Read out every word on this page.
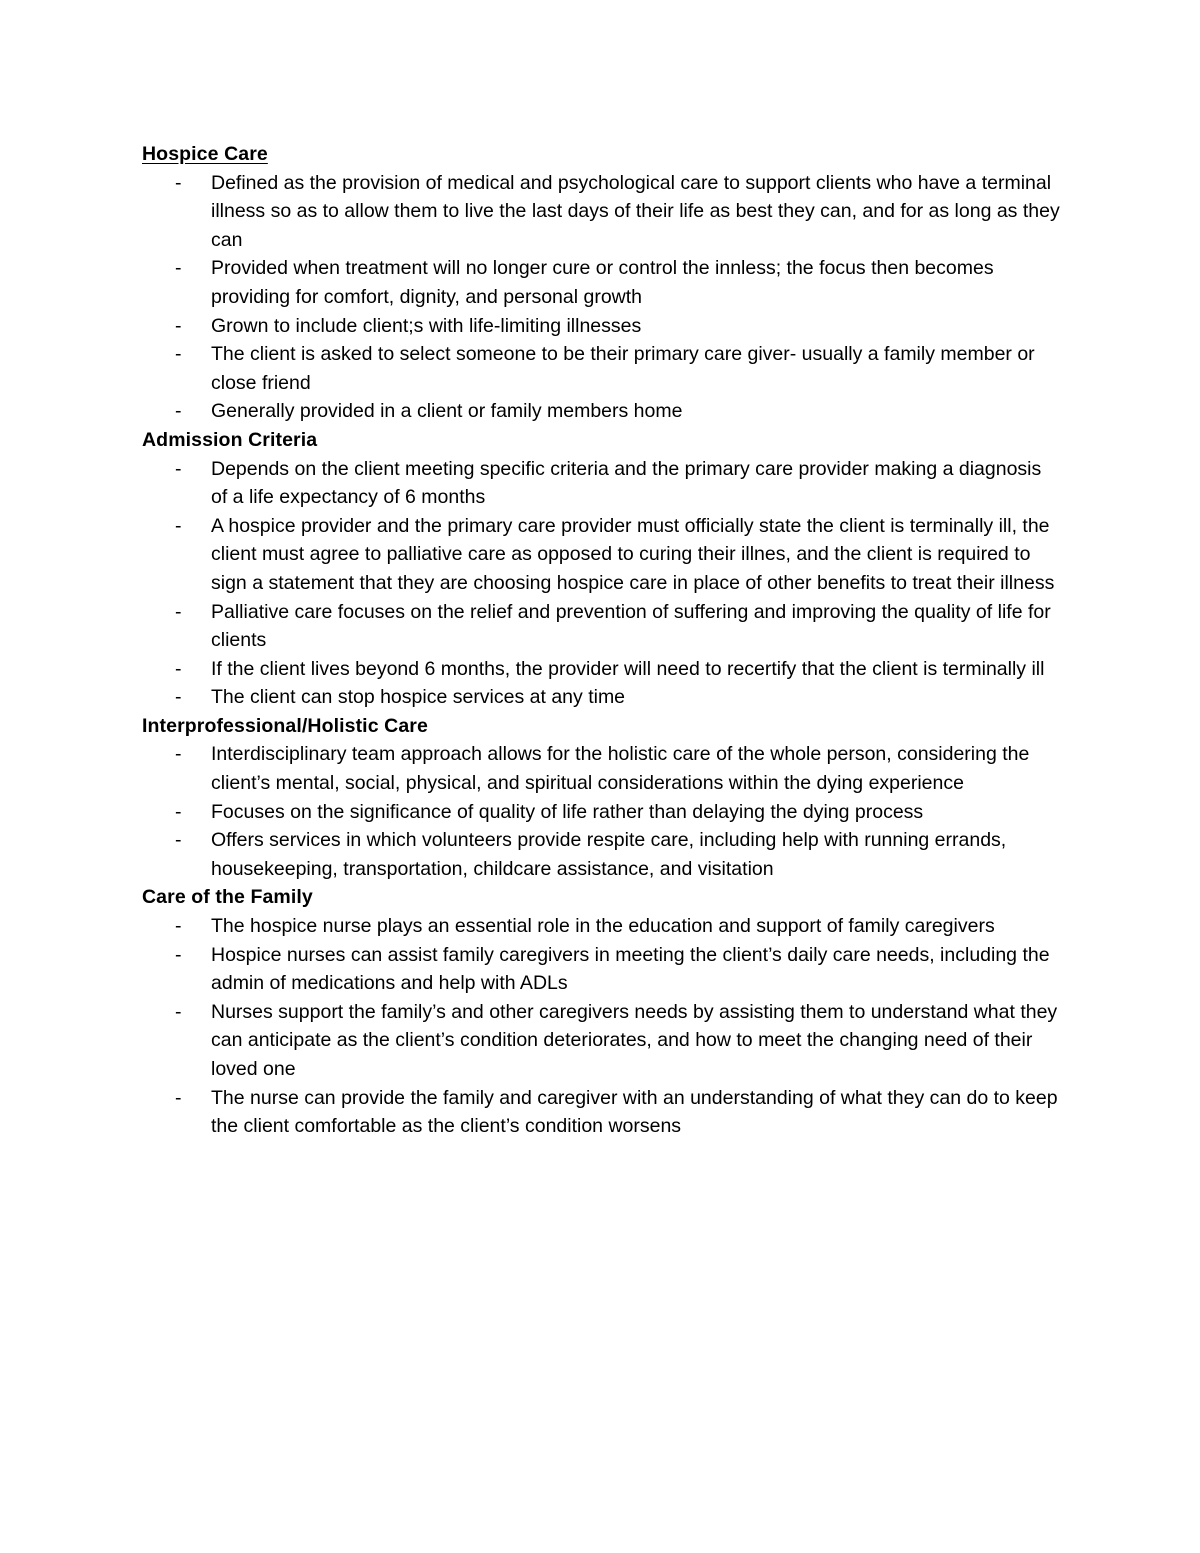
Hospice Care
- Defined as the provision of medical and psychological care to support clients who have a terminal illness so as to allow them to live the last days of their life as best they can, and for as long as they can
- Provided when treatment will no longer cure or control the innless; the focus then becomes providing for comfort, dignity, and personal growth
- Grown to include client;s with life-limiting illnesses
- The client is asked to select someone to be their primary care giver- usually a family member or close friend
- Generally provided in a client or family members home
Admission Criteria
- Depends on the client meeting specific criteria and the primary care provider making a diagnosis of a life expectancy of 6 months
- A hospice provider and the primary care provider must officially state the client is terminally ill, the client must agree to palliative care as opposed to curing their illnes, and the client is required to sign a statement that they are choosing hospice care in place of other benefits to treat their illness
- Palliative care focuses on the relief and prevention of suffering and improving the quality of life for clients
- If the client lives beyond 6 months, the provider will need to recertify that the client is terminally ill
- The client can stop hospice services at any time
Interprofessional/Holistic Care
- Interdisciplinary team approach allows for the holistic care of the whole person, considering the client’s mental, social, physical, and spiritual considerations within the dying experience
- Focuses on the significance of quality of life rather than delaying the dying process
- Offers services in which volunteers provide respite care, including help with running errands, housekeeping, transportation, childcare assistance, and visitation
Care of the Family
- The hospice nurse plays an essential role in the education and support of family caregivers
- Hospice nurses can assist family caregivers in meeting the client’s daily care needs, including the admin of medications and help with ADLs
- Nurses support the family’s and other caregivers needs by assisting them to understand what they can anticipate as the client’s condition deteriorates, and how to meet the changing need of their loved one
- The nurse can provide the family and caregiver with an understanding of what they can do to keep the client comfortable as the client’s condition worsens
